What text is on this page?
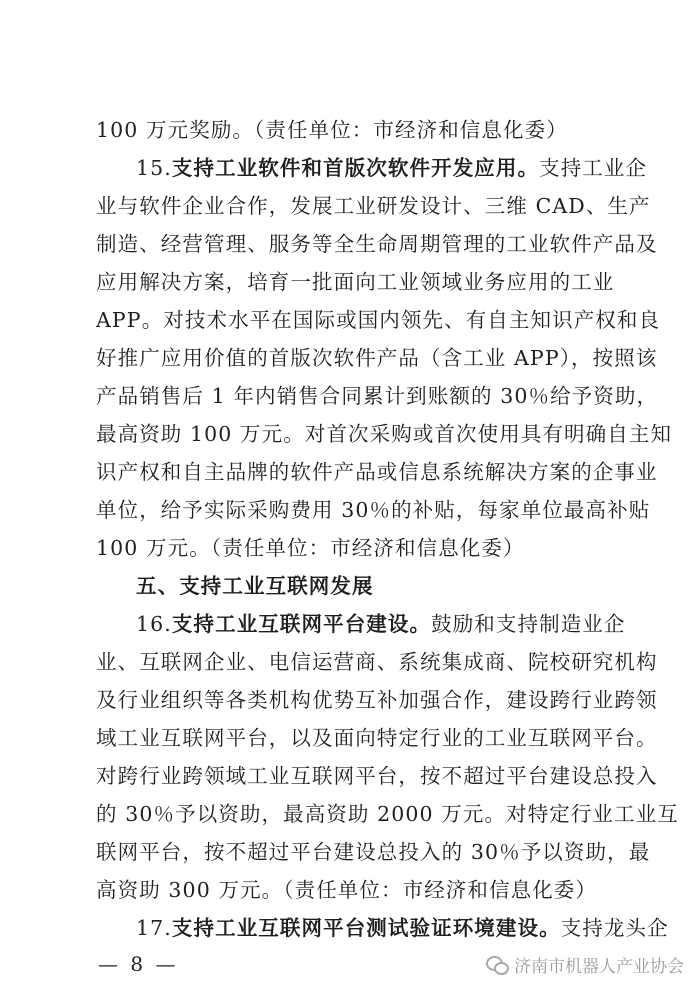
100 万元奖励。（责任单位：市经济和信息化委）
15.支持工业软件和首版次软件开发应用。支持工业企
业与软件企业合作，发展工业研发设计、三维 CAD、生产
制造、经营管理、服务等全生命周期管理的工业软件产品及
应用解决方案，培育一批面向工业领域业务应用的工业
APP。对技术水平在国际或国内领先、有自主知识产权和良
好推广应用价值的首版次软件产品（含工业 APP），按照该
产品销售后 1 年内销售合同累计到账额的 30％给予资助，
最高资助 100 万元。对首次采购或首次使用具有明确自主知
识产权和自主品牌的软件产品或信息系统解决方案的企事业
单位，给予实际采购费用 30％的补贴，每家单位最高补贴
100 万元。（责任单位：市经济和信息化委）
五、支持工业互联网发展
16.支持工业互联网平台建设。鼓励和支持制造业企
业、互联网企业、电信运营商、系统集成商、院校研究机构
及行业组织等各类机构优势互补加强合作，建设跨行业跨领
域工业互联网平台，以及面向特定行业的工业互联网平台。
对跨行业跨领域工业互联网平台，按不超过平台建设总投入
的 30％予以资助，最高资助 2000 万元。对特定行业工业互
联网平台，按不超过平台建设总投入的 30％予以资助，最
高资助 300 万元。（责任单位：市经济和信息化委）
17.支持工业互联网平台测试验证环境建设。支持龙头企
— 8 —	济南市机器人产业协会
